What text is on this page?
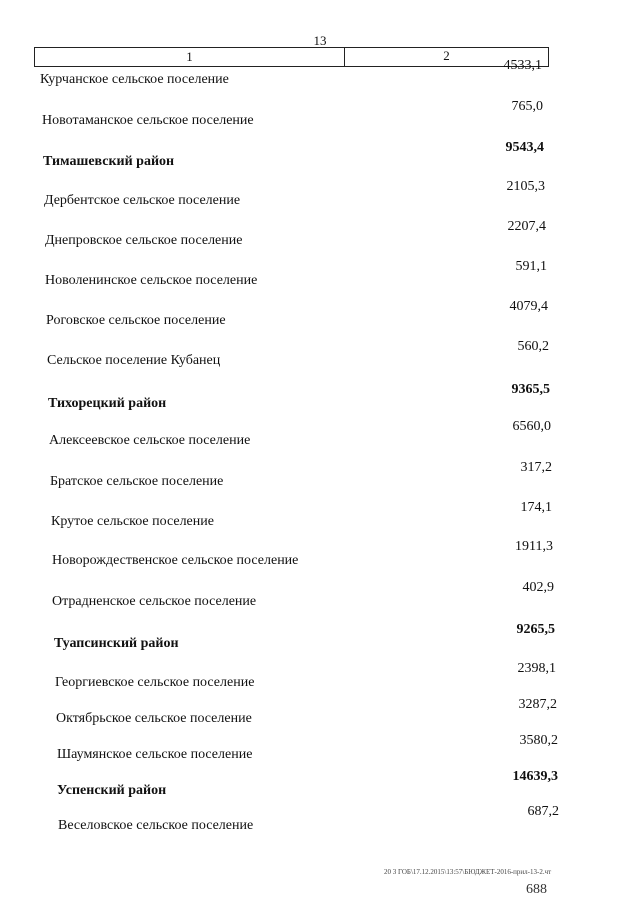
13
1	2
Курчанское сельское поселение
4533,1
Новотаманское сельское поселение
765,0
Тимашевский район
9543,4
Дербентское сельское поселение
2105,3
Днепровское сельское поселение
2207,4
Новоленинское сельское поселение
591,1
Роговское сельское поселение
4079,4
Сельское поселение Кубанец
560,2
Тихорецкий район
9365,5
Алексеевское сельское поселение
6560,0
Братское сельское поселение
317,2
Крутое сельское поселение
174,1
Новорождественское сельское поселение
1911,3
Отрадненское сельское поселение
402,9
Туапсинский район
9265,5
Георгиевское сельское поселение
2398,1
Октябрьское сельское поселение
3287,2
Шаумянское сельское поселение
3580,2
Успенский район
14639,3
Веселовское сельское поселение
687,2
20 3 ГОБ\17.12.2015\13:57\БЮДЖЕТ-2016-прил-13-2.чт
688
